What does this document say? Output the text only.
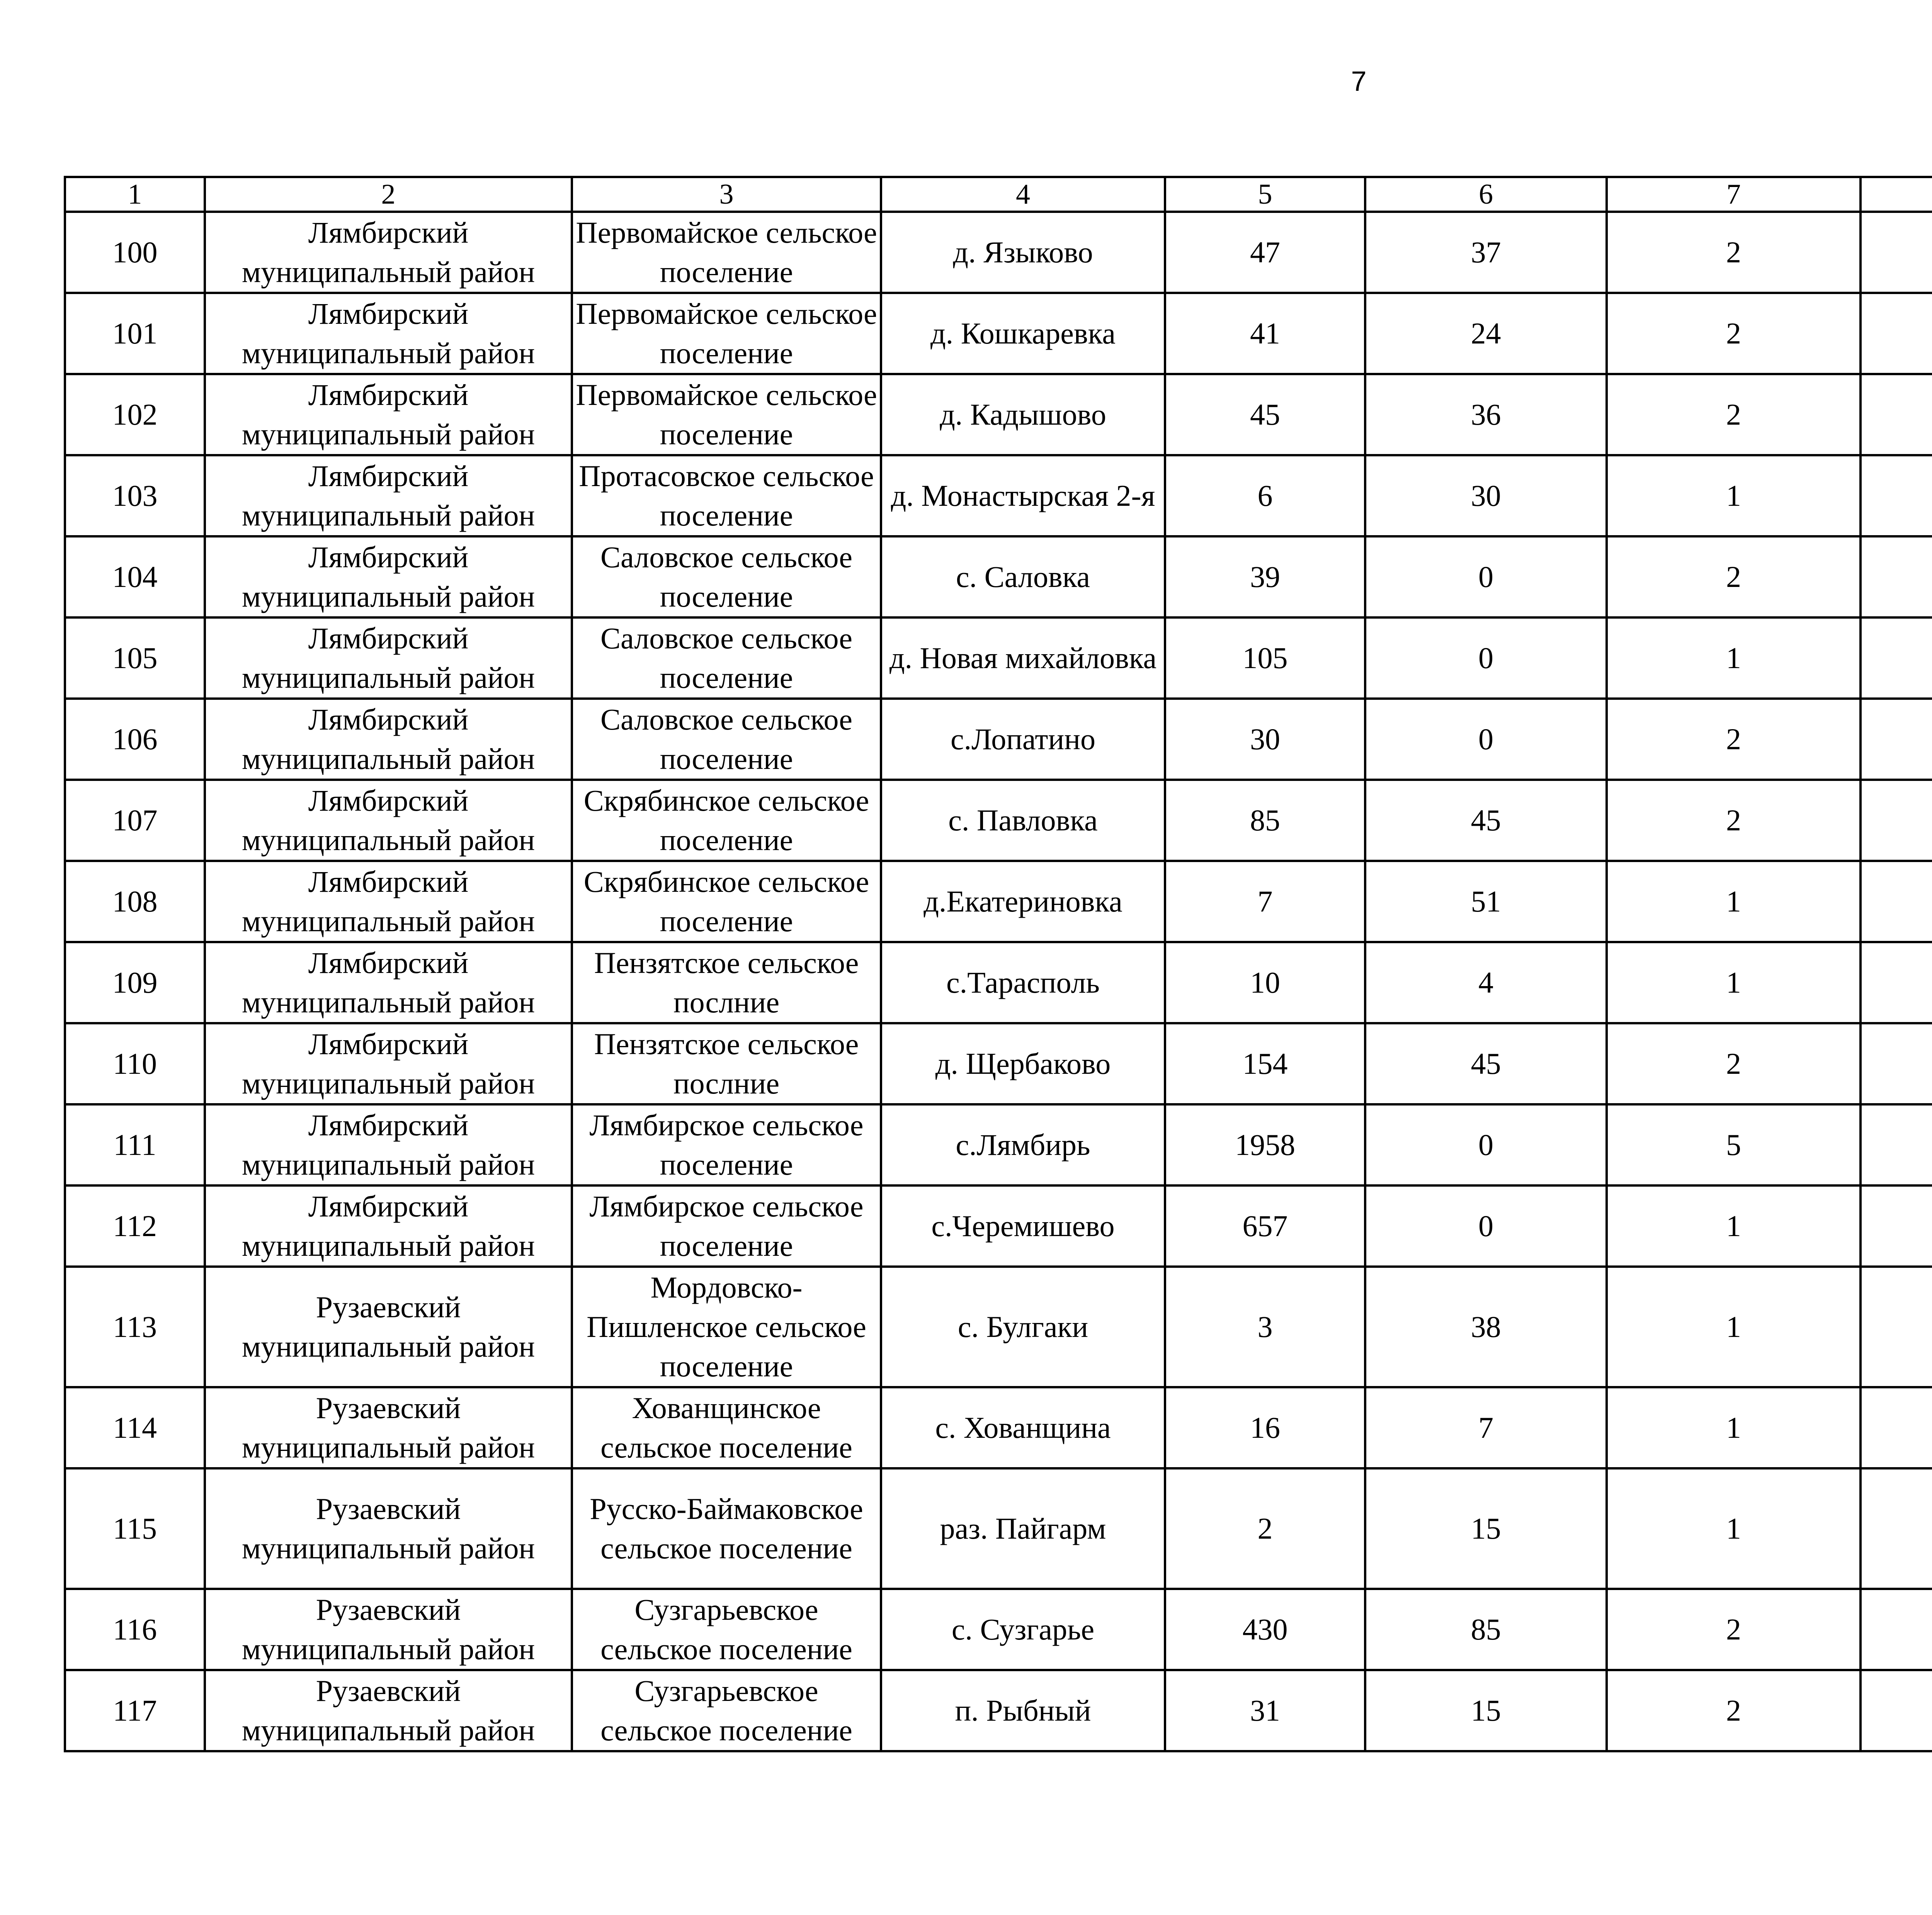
7
1	2	3	4	5	6	7			
100	Лямбирский муниципальный район	Первомайское сельское поселение	д. Языково	47	37	2			
101	Лямбирский муниципальный район	Первомайское сельское поселение	д. Кошкаревка	41	24	2			
102	Лямбирский муниципальный район	Первомайское сельское поселение	д. Кадышово	45	36	2			
103	Лямбирский муниципальный район	Протасовское сельское поселение	д. Монастырская 2-я	6	30	1			
104	Лямбирский муниципальный район	Саловское сельское поселение	с. Саловка	39	0	2			
105	Лямбирский муниципальный район	Саловское сельское поселение	д. Новая михайловка	105	0	1			
106	Лямбирский муниципальный район	Саловское сельское поселение	с.Лопатино	30	0	2			
107	Лямбирский муниципальный район	Скрябинское сельское поселение	с. Павловка	85	45	2			
108	Лямбирский муниципальный район	Скрябинское сельское поселение	д.Екатериновка	7	51	1			
109	Лямбирский муниципальный район	Пензятское сельское послние	с.Тарасполь	10	4	1			
110	Лямбирский муниципальный район	Пензятское сельское послние	д. Щербаково	154	45	2			
111	Лямбирский муниципальный район	Лямбирское сельское поселение	с.Лямбирь	1958	0	5			
112	Лямбирский муниципальный район	Лямбирское сельское поселение	с.Черемишево	657	0	1			
113	Рузаевский муниципальный район	Мордовско-Пишленское сельское поселение	с. Булгаки	3	38	1			
114	Рузаевский муниципальный район	Хованщинское сельское поселение	с. Хованщина	16	7	1			
115	Рузаевский муниципальный район	Русско-Баймаковское сельское поселение	раз. Пайгарм	2	15	1			
116	Рузаевский муниципальный район	Сузгарьевское сельское поселение	с. Сузгарье	430	85	2			
117	Рузаевский муниципальный район	Сузгарьевское сельское поселение	п. Рыбный	31	15	2			
